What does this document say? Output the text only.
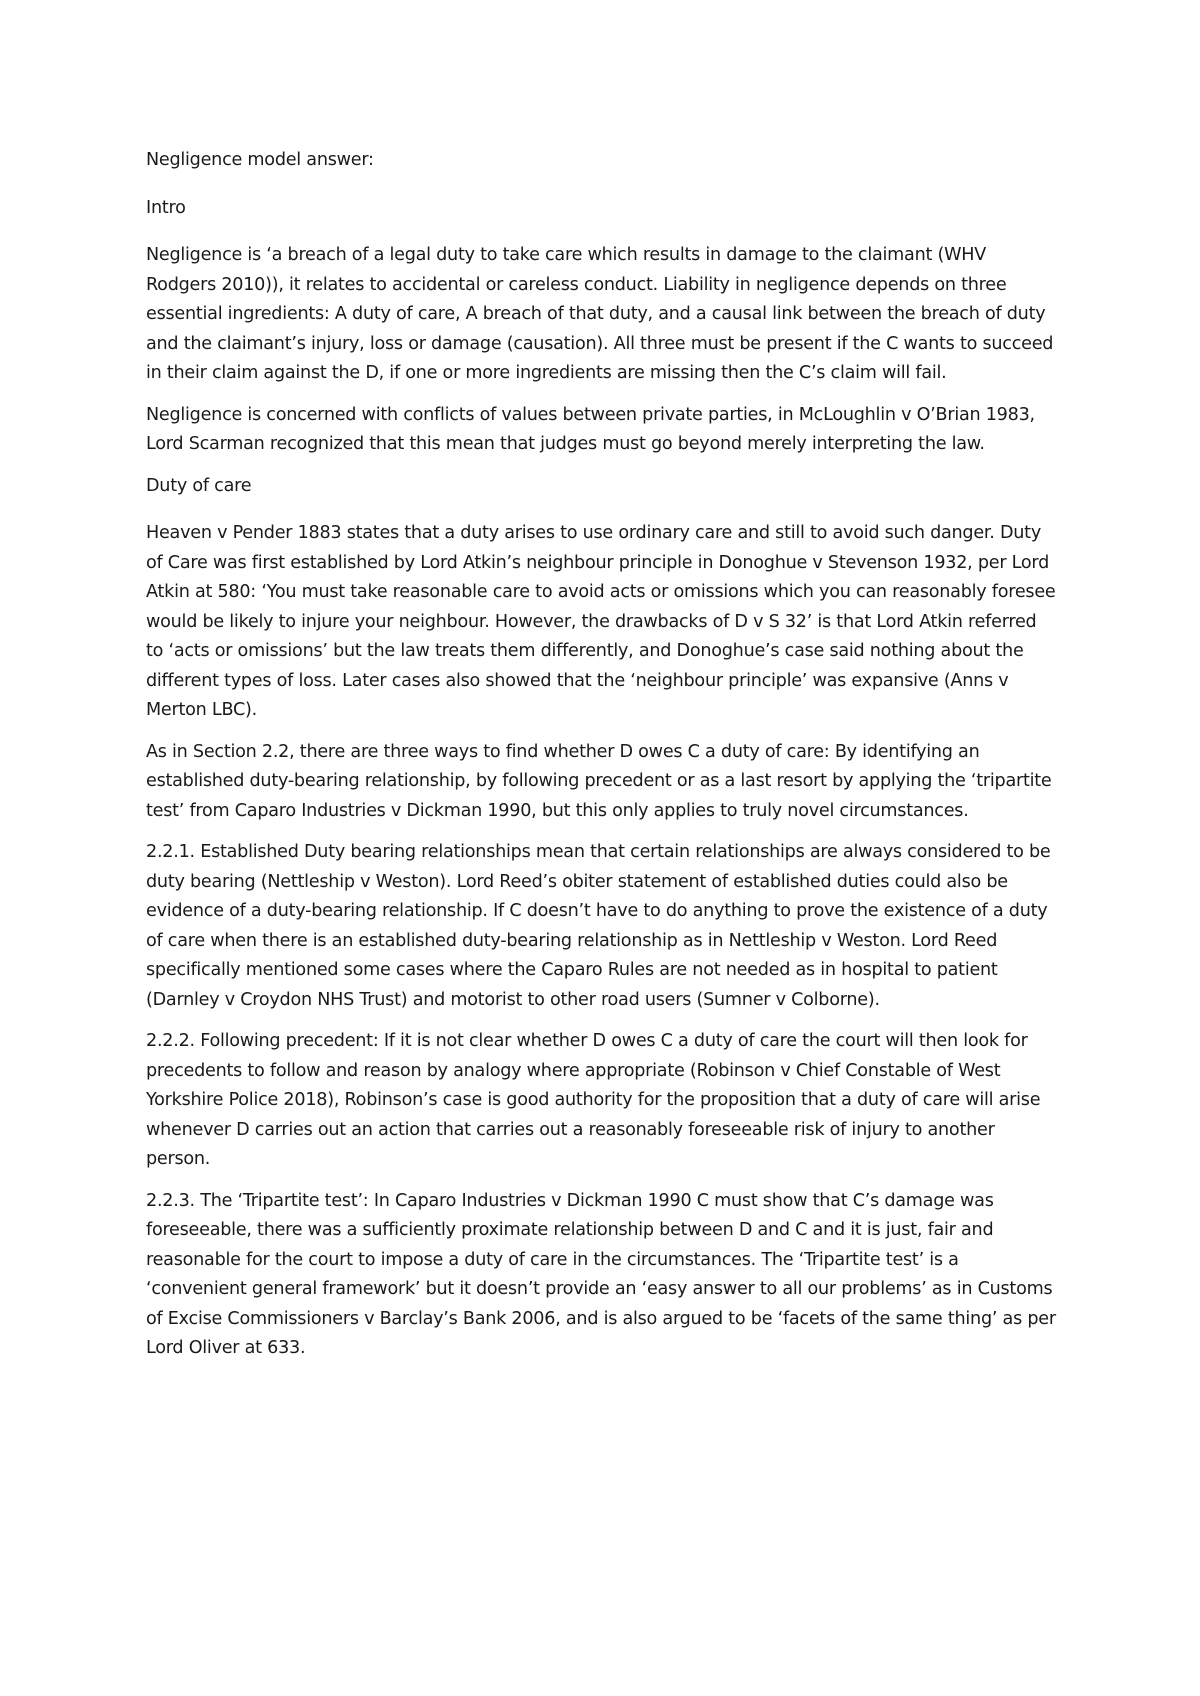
Negligence model answer:

Intro

Negligence is ‘a breach of a legal duty to take care which results in damage to the claimant (WHV Rodgers 2010)), it relates to accidental or careless conduct. Liability in negligence depends on three essential ingredients: A duty of care, A breach of that duty, and a causal link between the breach of duty and the claimant’s injury, loss or damage (causation). All three must be present if the C wants to succeed in their claim against the D, if one or more ingredients are missing then the C’s claim will fail.

Negligence is concerned with conflicts of values between private parties, in McLoughlin v O’Brian 1983, Lord Scarman recognized that this mean that judges must go beyond merely interpreting the law.

Duty of care

Heaven v Pender 1883 states that a duty arises to use ordinary care and still to avoid such danger. Duty of Care was first established by Lord Atkin’s neighbour principle in Donoghue v Stevenson 1932, per Lord Atkin at 580: ‘You must take reasonable care to avoid acts or omissions which you can reasonably foresee would be likely to injure your neighbour. However, the drawbacks of D v S 32’ is that Lord Atkin referred to ‘acts or omissions’ but the law treats them differently, and Donoghue’s case said nothing about the different types of loss. Later cases also showed that the ‘neighbour principle’ was expansive (Anns v Merton LBC).

As in Section 2.2, there are three ways to find whether D owes C a duty of care: By identifying an established duty-bearing relationship, by following precedent or as a last resort by applying the ‘tripartite test’ from Caparo Industries v Dickman 1990, but this only applies to truly novel circumstances.

2.2.1. Established Duty bearing relationships mean that certain relationships are always considered to be duty bearing (Nettleship v Weston). Lord Reed’s obiter statement of established duties could also be evidence of a duty-bearing relationship. If C doesn’t have to do anything to prove the existence of a duty of care when there is an established duty-bearing relationship as in Nettleship v Weston. Lord Reed specifically mentioned some cases where the Caparo Rules are not needed as in hospital to patient (Darnley v Croydon NHS Trust) and motorist to other road users (Sumner v Colborne).

2.2.2. Following precedent: If it is not clear whether D owes C a duty of care the court will then look for precedents to follow and reason by analogy where appropriate (Robinson v Chief Constable of West Yorkshire Police 2018), Robinson’s case is good authority for the proposition that a duty of care will arise whenever D carries out an action that carries out a reasonably foreseeable risk of injury to another person.

2.2.3. The ‘Tripartite test’: In Caparo Industries v Dickman 1990 C must show that C’s damage was foreseeable, there was a sufficiently proximate relationship between D and C and it is just, fair and reasonable for the court to impose a duty of care in the circumstances. The ‘Tripartite test’ is a ‘convenient general framework’ but it doesn’t provide an ‘easy answer to all our problems’ as in Customs of Excise Commissioners v Barclay’s Bank 2006, and is also argued to be ‘facets of the same thing’ as per Lord Oliver at 633.
